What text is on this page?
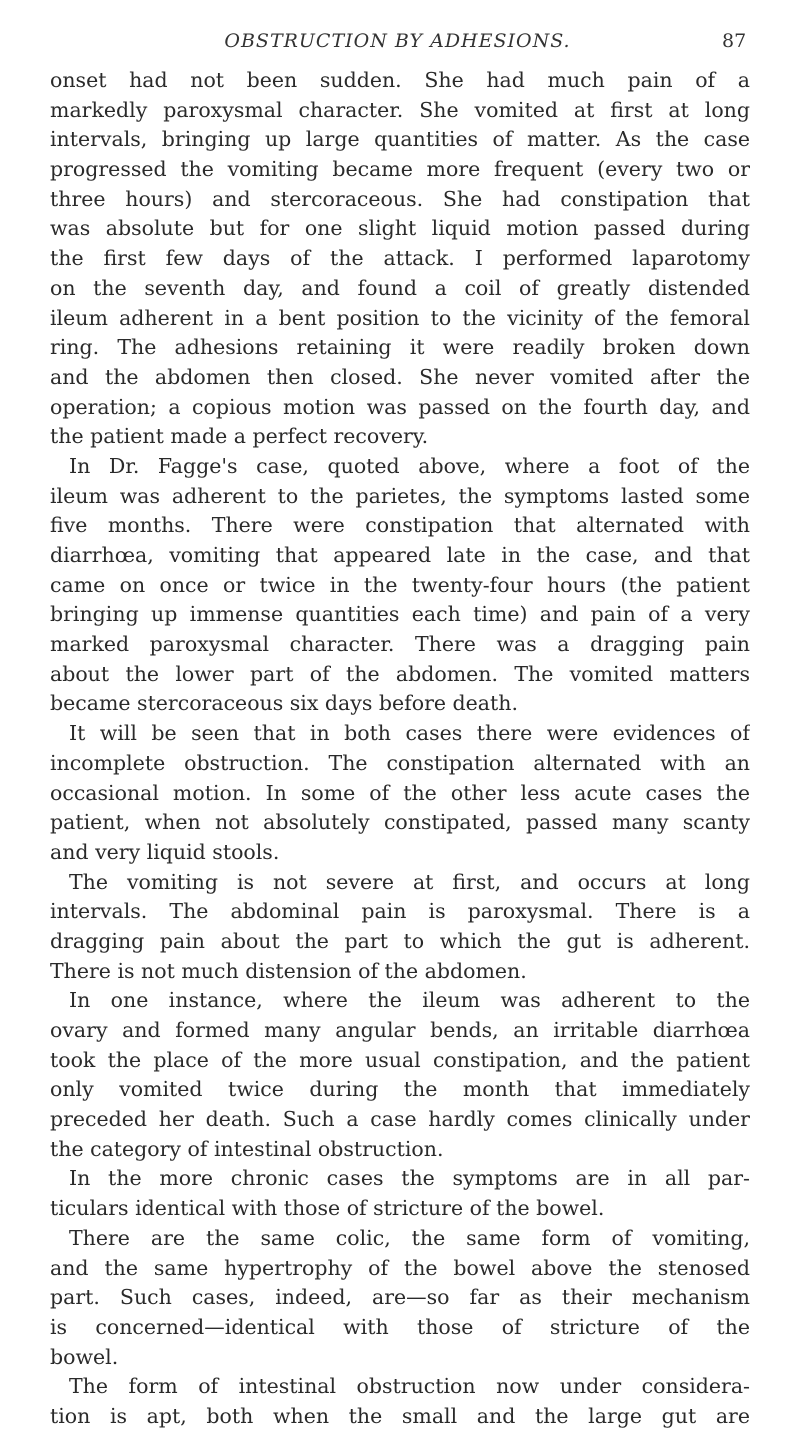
OBSTRUCTION BY ADHESIONS.	87
onset had not been sudden. She had much pain of a
markedly paroxysmal character. She vomited at first at long
intervals, bringing up large quantities of matter. As the case
progressed the vomiting became more frequent (every two or
three hours) and stercoraceous. She had constipation that
was absolute but for one slight liquid motion passed during
the first few days of the attack. I performed laparotomy
on the seventh day, and found a coil of greatly distended
ileum adherent in a bent position to the vicinity of the femoral
ring. The adhesions retaining it were readily broken down
and the abdomen then closed. She never vomited after the
operation; a copious motion was passed on the fourth day, and
the patient made a perfect recovery.
In Dr. Fagge's case, quoted above, where a foot of the
ileum was adherent to the parietes, the symptoms lasted some
five months. There were constipation that alternated with
diarrhœa, vomiting that appeared late in the case, and that
came on once or twice in the twenty-four hours (the patient
bringing up immense quantities each time) and pain of a very
marked paroxysmal character. There was a dragging pain
about the lower part of the abdomen. The vomited matters
became stercoraceous six days before death.
It will be seen that in both cases there were evidences of
incomplete obstruction. The constipation alternated with an
occasional motion. In some of the other less acute cases the
patient, when not absolutely constipated, passed many scanty
and very liquid stools.
The vomiting is not severe at first, and occurs at long
intervals. The abdominal pain is paroxysmal. There is a
dragging pain about the part to which the gut is adherent.
There is not much distension of the abdomen.
In one instance, where the ileum was adherent to the
ovary and formed many angular bends, an irritable diarrhœa
took the place of the more usual constipation, and the patient
only vomited twice during the month that immediately
preceded her death. Such a case hardly comes clinically under
the category of intestinal obstruction.
In the more chronic cases the symptoms are in all par-
ticulars identical with those of stricture of the bowel.
There are the same colic, the same form of vomiting,
and the same hypertrophy of the bowel above the stenosed
part. Such cases, indeed, are—so far as their mechanism
is concerned—identical with those of stricture of the
bowel.
The form of intestinal obstruction now under considera-
tion is apt, both when the small and the large gut are
